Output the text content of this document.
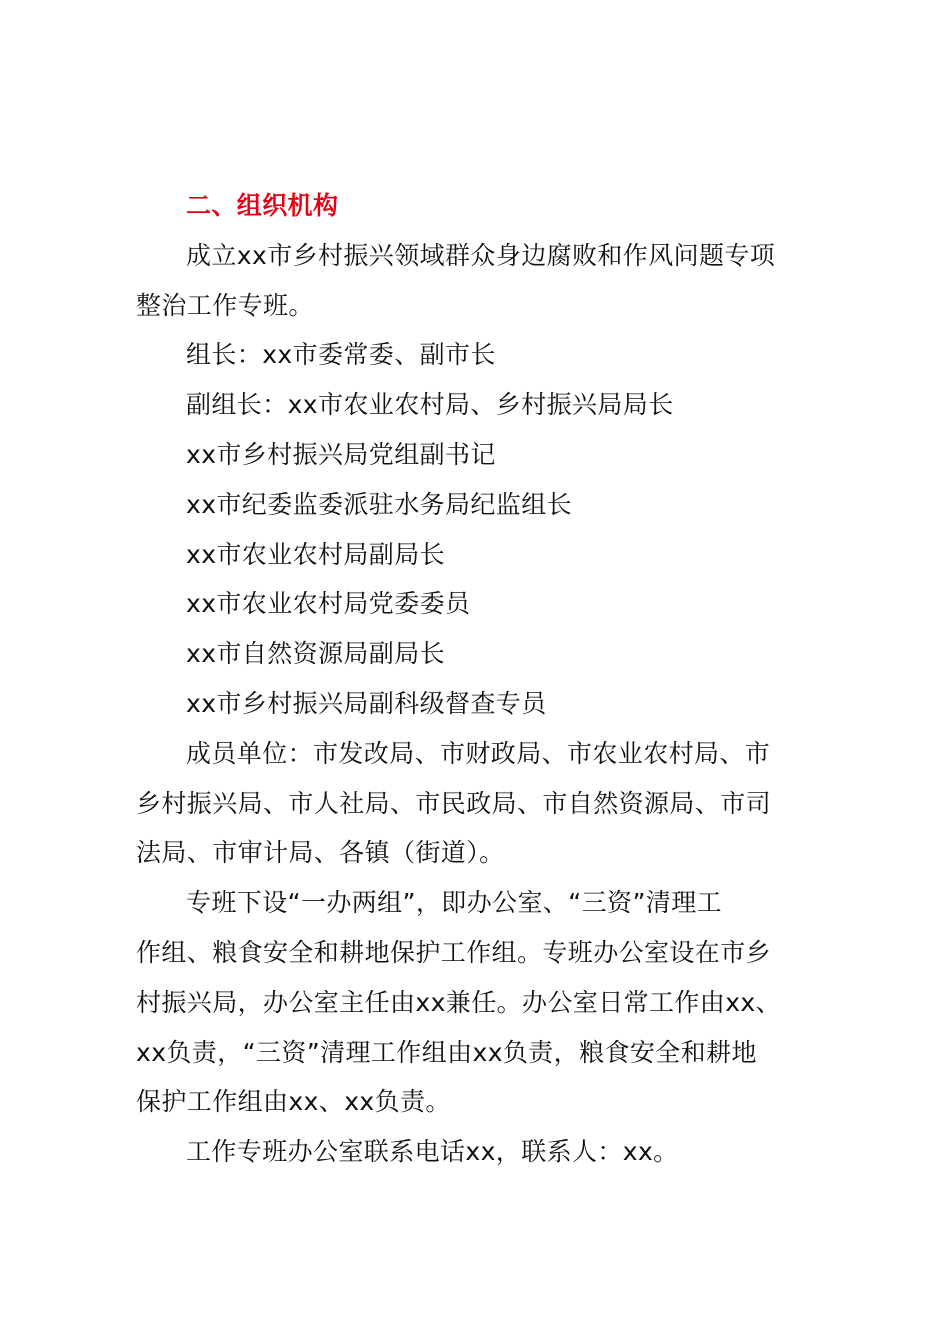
二、组织机构
成立xx市乡村振兴领域群众身边腐败和作风问题专项
整治工作专班。
组长：xx市委常委、副市长
副组长：xx市农业农村局、乡村振兴局局长
xx市乡村振兴局党组副书记
xx市纪委监委派驻水务局纪监组长
xx市农业农村局副局长
xx市农业农村局党委委员
xx市自然资源局副局长
xx市乡村振兴局副科级督查专员
成员单位：市发改局、市财政局、市农业农村局、市
乡村振兴局、市人社局、市民政局、市自然资源局、市司
法局、市审计局、各镇（街道）。
专班下设“一办两组”，即办公室、“三资”清理工
作组、粮食安全和耕地保护工作组。专班办公室设在市乡
村振兴局，办公室主任由xx兼任。办公室日常工作由xx、
xx负责，“三资”清理工作组由xx负责，粮食安全和耕地
保护工作组由xx、xx负责。
工作专班办公室联系电话xx，联系人：xx。
